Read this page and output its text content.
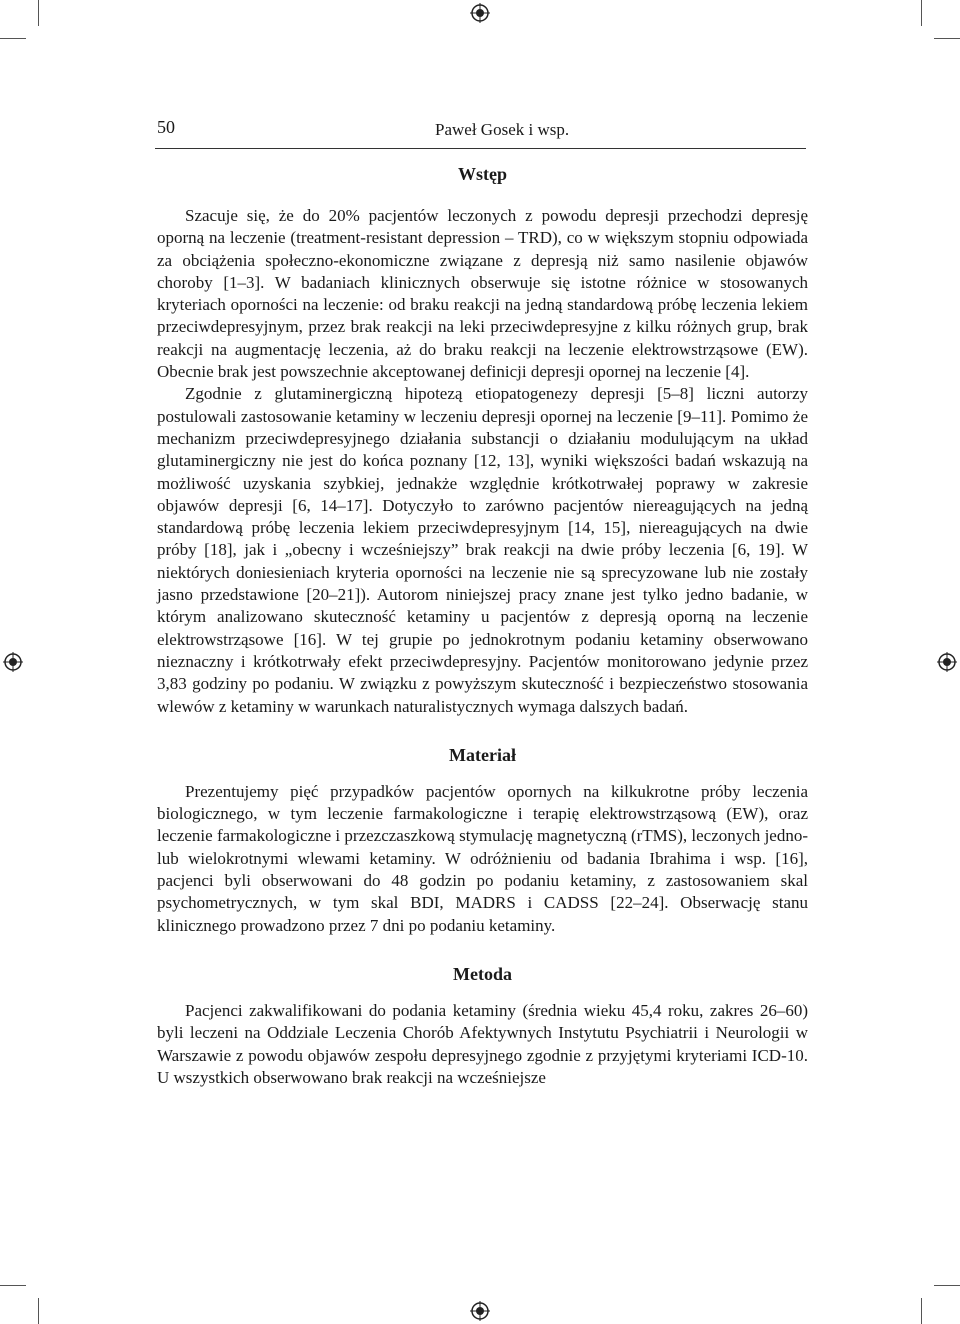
50	Paweł Gosek i wsp.
Wstęp

Szacuje się, że do 20% pacjentów leczonych z powodu depresji przechodzi depresję oporną na leczenie (treatment-resistant depression – TRD), co w większym stopniu odpowiada za obciążenia społeczno-ekonomiczne związane z depresją niż samo nasilenie objawów choroby [1–3]. W badaniach klinicznych obserwuje się istotne różnice w stosowanych kryteriach oporności na leczenie: od braku reakcji na jedną standardową próbę leczenia lekiem przeciwdepresyjnym, przez brak reakcji na leki przeciwdepresyjne z kilku różnych grup, brak reakcji na augmentację leczenia, aż do braku reakcji na leczenie elektrowstrząsowe (EW). Obecnie brak jest powszechnie akceptowanej definicji depresji opornej na leczenie [4].

Zgodnie z glutaminergiczną hipotezą etiopatogenezy depresji [5–8] liczni autorzy postulowali zastosowanie ketaminy w leczeniu depresji opornej na leczenie [9–11]. Pomimo że mechanizm przeciwdepresyjnego działania substancji o działaniu modulującym na układ glutaminergiczny nie jest do końca poznany [12, 13], wyniki większości badań wskazują na możliwość uzyskania szybkiej, jednakże względnie krótkotrwałej poprawy w zakresie objawów depresji [6, 14–17]. Dotyczyło to zarówno pacjentów niereagujących na jedną standardową próbę leczenia lekiem przeciwdepresyjnym [14, 15], niereagujących na dwie próby [18], jak i „obecny i wcześniejszy” brak reakcji na dwie próby leczenia [6, 19]. W niektórych doniesieniach kryteria oporności na leczenie nie są sprecyzowane lub nie zostały jasno przedstawione [20–21]). Autorom niniejszej pracy znane jest tylko jedno badanie, w którym analizowano skuteczność ketaminy u pacjentów z depresją oporną na leczenie elektrowstrząsowe [16]. W tej grupie po jednokrotnym podaniu ketaminy obserwowano nieznaczny i krótkotrwały efekt przeciwdepresyjny. Pacjentów monitorowano jedynie przez 3,83 godziny po podaniu. W związku z powyższym skuteczność i bezpieczeństwo stosowania wlewów z ketaminy w warunkach naturalistycznych wymaga dalszych badań.

Materiał

Prezentujemy pięć przypadków pacjentów opornych na kilkukrotne próby leczenia biologicznego, w tym leczenie farmakologiczne i terapię elektrowstrząsową (EW), oraz leczenie farmakologiczne i przezczaszkową stymulację magnetyczną (rTMS), leczonych jedno- lub wielokrotnymi wlewami ketaminy. W odróżnieniu od badania Ibrahima i wsp. [16], pacjenci byli obserwowani do 48 godzin po podaniu ketaminy, z zastosowaniem skal psychometrycznych, w tym skal BDI, MADRS i CADSS [22–24]. Obserwację stanu klinicznego prowadzono przez 7 dni po podaniu ketaminy.

Metoda

Pacjenci zakwalifikowani do podania ketaminy (średnia wieku 45,4 roku, zakres 26–60) byli leczeni na Oddziale Leczenia Chorób Afektywnych Instytutu Psychiatrii i Neurologii w Warszawie z powodu objawów zespołu depresyjnego zgodnie z przyjętymi kryteriami ICD-10. U wszystkich obserwowano brak reakcji na wcześniejsze
